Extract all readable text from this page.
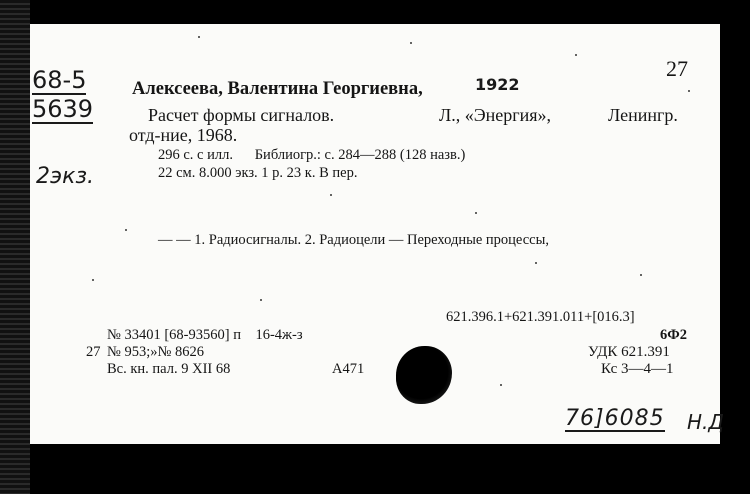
27
68-5
5639
2экз.
Алексеева, Валентина Георгиевна,	1922
Расчет формы сигналов.	Л., «Энергия»,	Ленингр.
отд-ние, 1968.
296 с. с илл.      Библиогр.: с. 284—288 (128 назв.)
22 см. 8.000 экз. 1 р. 23 к. В пер.
— — 1. Радиосигналы. 2. Радиоцели — Переходные процессы,
621.396.1+621.391.011+[016.3]
6Ф2
№ 33401 [68-93560] п    16-4ж-з
27 № 953;»№ 8626	УДК 621.391
Вс. кн. пал. 9 XII 68	А471	Кс 3—4—1
76]6085 Н.Д
